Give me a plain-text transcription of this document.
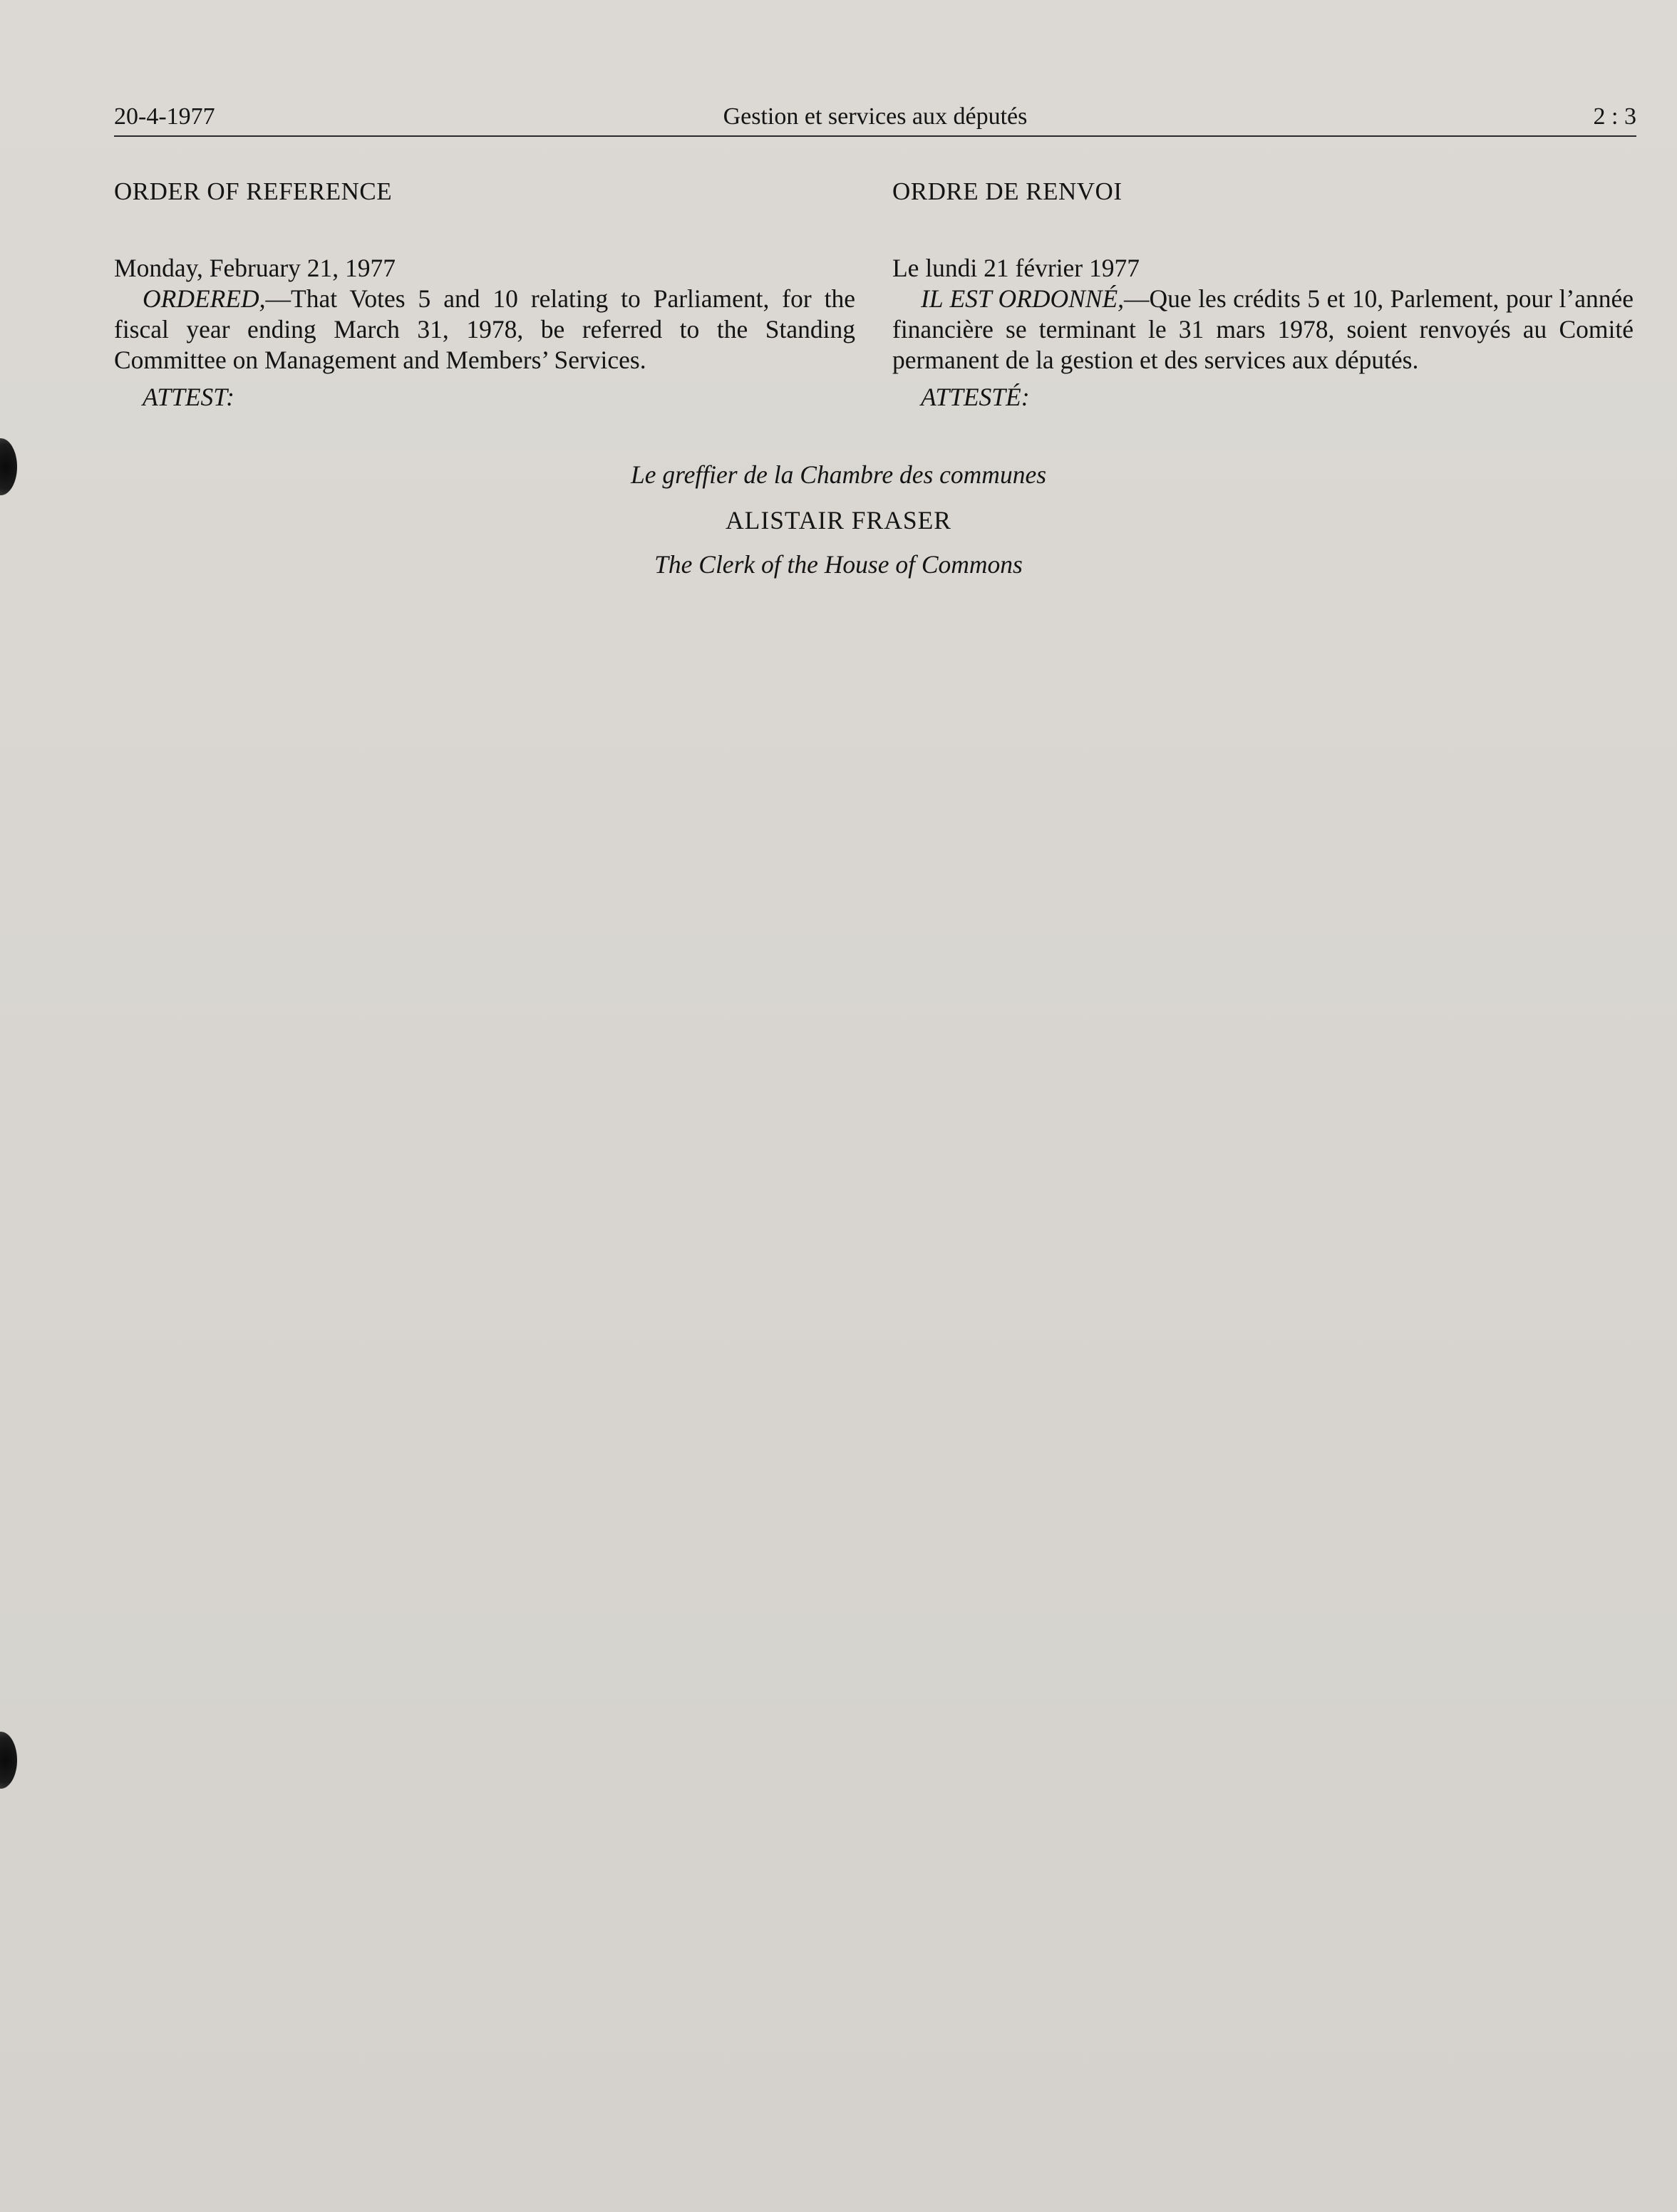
20-4-1977	Gestion et services aux députés	2 : 3

ORDER OF REFERENCE

Monday, February 21, 1977

ORDERED,—That Votes 5 and 10 relating to Parliament, for the fiscal year ending March 31, 1978, be referred to the Standing Committee on Management and Members’ Services.

ATTEST:

ORDRE DE RENVOI

Le lundi 21 février 1977

IL EST ORDONNÉ,—Que les crédits 5 et 10, Parlement, pour l’année financière se terminant le 31 mars 1978, soient renvoyés au Comité permanent de la gestion et des services aux députés.

ATTESTÉ:

Le greffier de la Chambre des communes

ALISTAIR FRASER

The Clerk of the House of Commons
